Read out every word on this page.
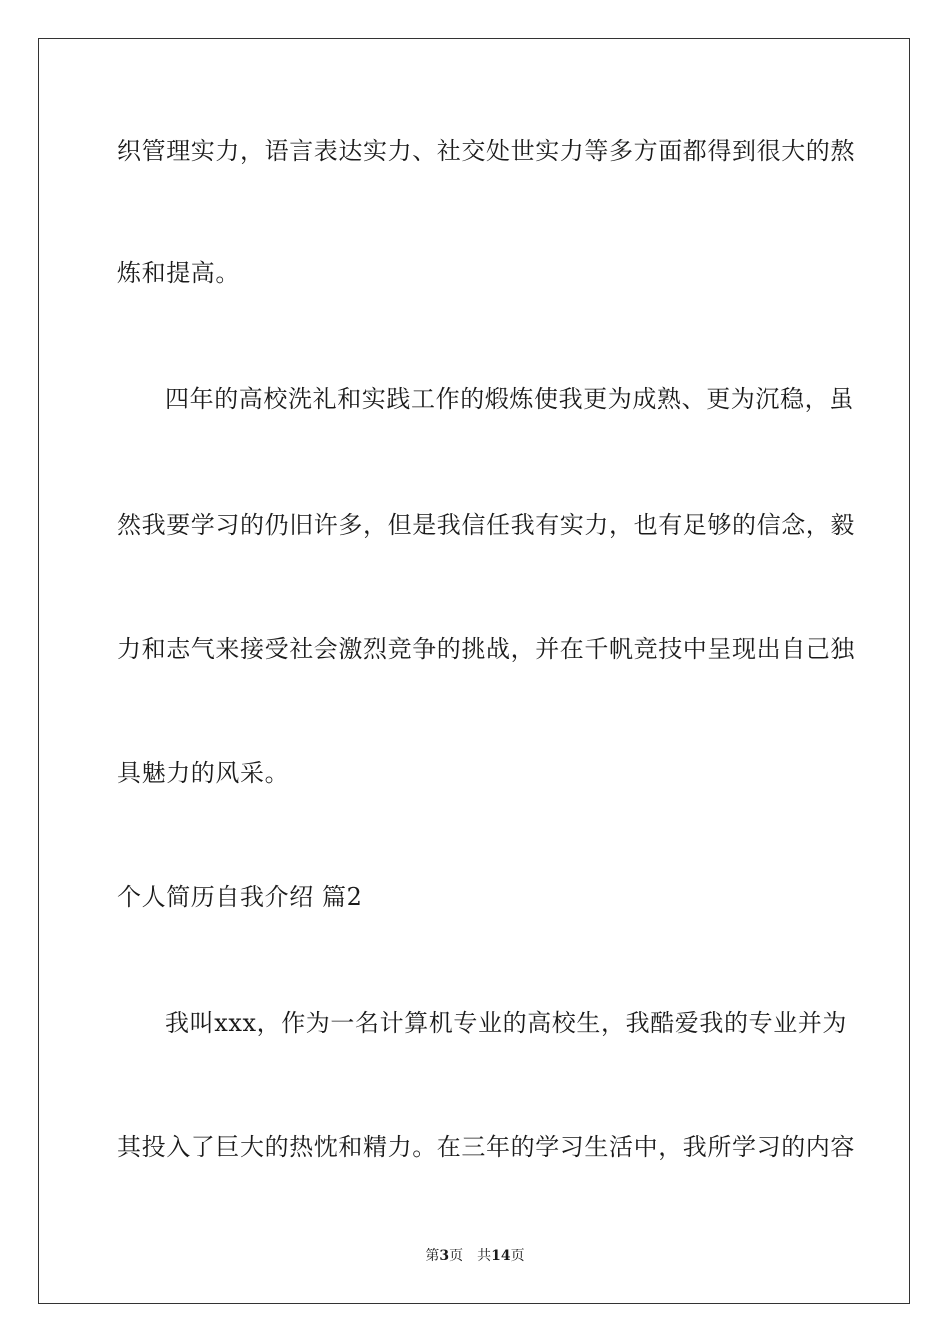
织管理实力，语言表达实力、社交处世实力等多方面都得到很大的熬
炼和提高。
四年的高校洗礼和实践工作的煅炼使我更为成熟、更为沉稳，虽
然我要学习的仍旧许多，但是我信任我有实力，也有足够的信念，毅
力和志气来接受社会激烈竞争的挑战，并在千帆竞技中呈现出自己独
具魅力的风采。
个人简历自我介绍 篇2
我叫xxx，作为一名计算机专业的高校生，我酷爱我的专业并为
其投入了巨大的热忱和精力。在三年的学习生活中，我所学习的内容
第3页 共14页
